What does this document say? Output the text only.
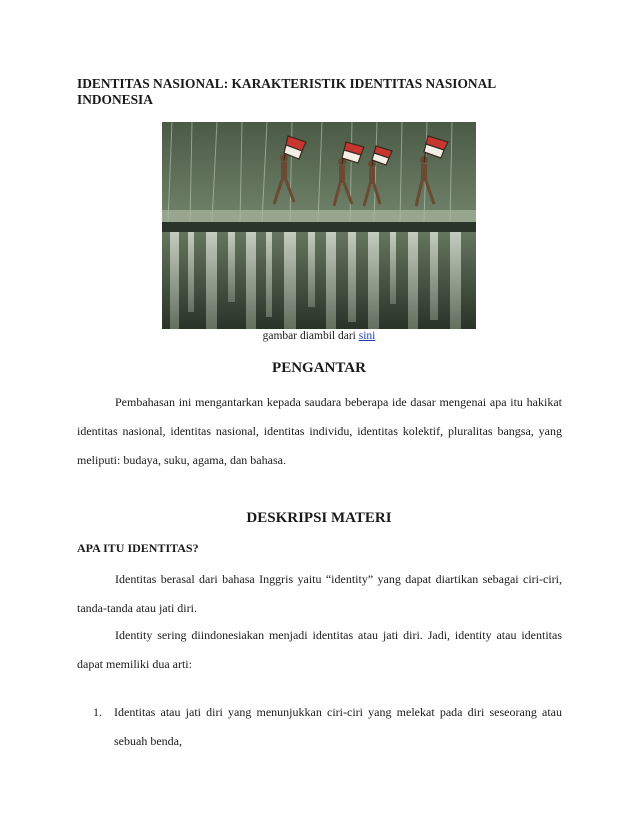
IDENTITAS NASIONAL: KARAKTERISTIK IDENTITAS NASIONAL INDONESIA
gambar diambil dari sini
PENGANTAR

Pembahasan ini mengantarkan kepada saudara beberapa ide dasar mengenai apa itu hakikat identitas nasional, identitas nasional, identitas individu, identitas kolektif, pluralitas bangsa, yang meliputi: budaya, suku, agama, dan bahasa.

DESKRIPSI MATERI
APA ITU IDENTITAS?

Identitas berasal dari bahasa Inggris yaitu “identity” yang dapat diartikan sebagai ciri-ciri, tanda-tanda atau jati diri.

Identity sering diindonesiakan menjadi identitas atau jati diri. Jadi, identity atau identitas dapat memiliki dua arti:

1. Identitas atau jati diri yang menunjukkan ciri-ciri yang melekat pada diri seseorang atau sebuah benda,
